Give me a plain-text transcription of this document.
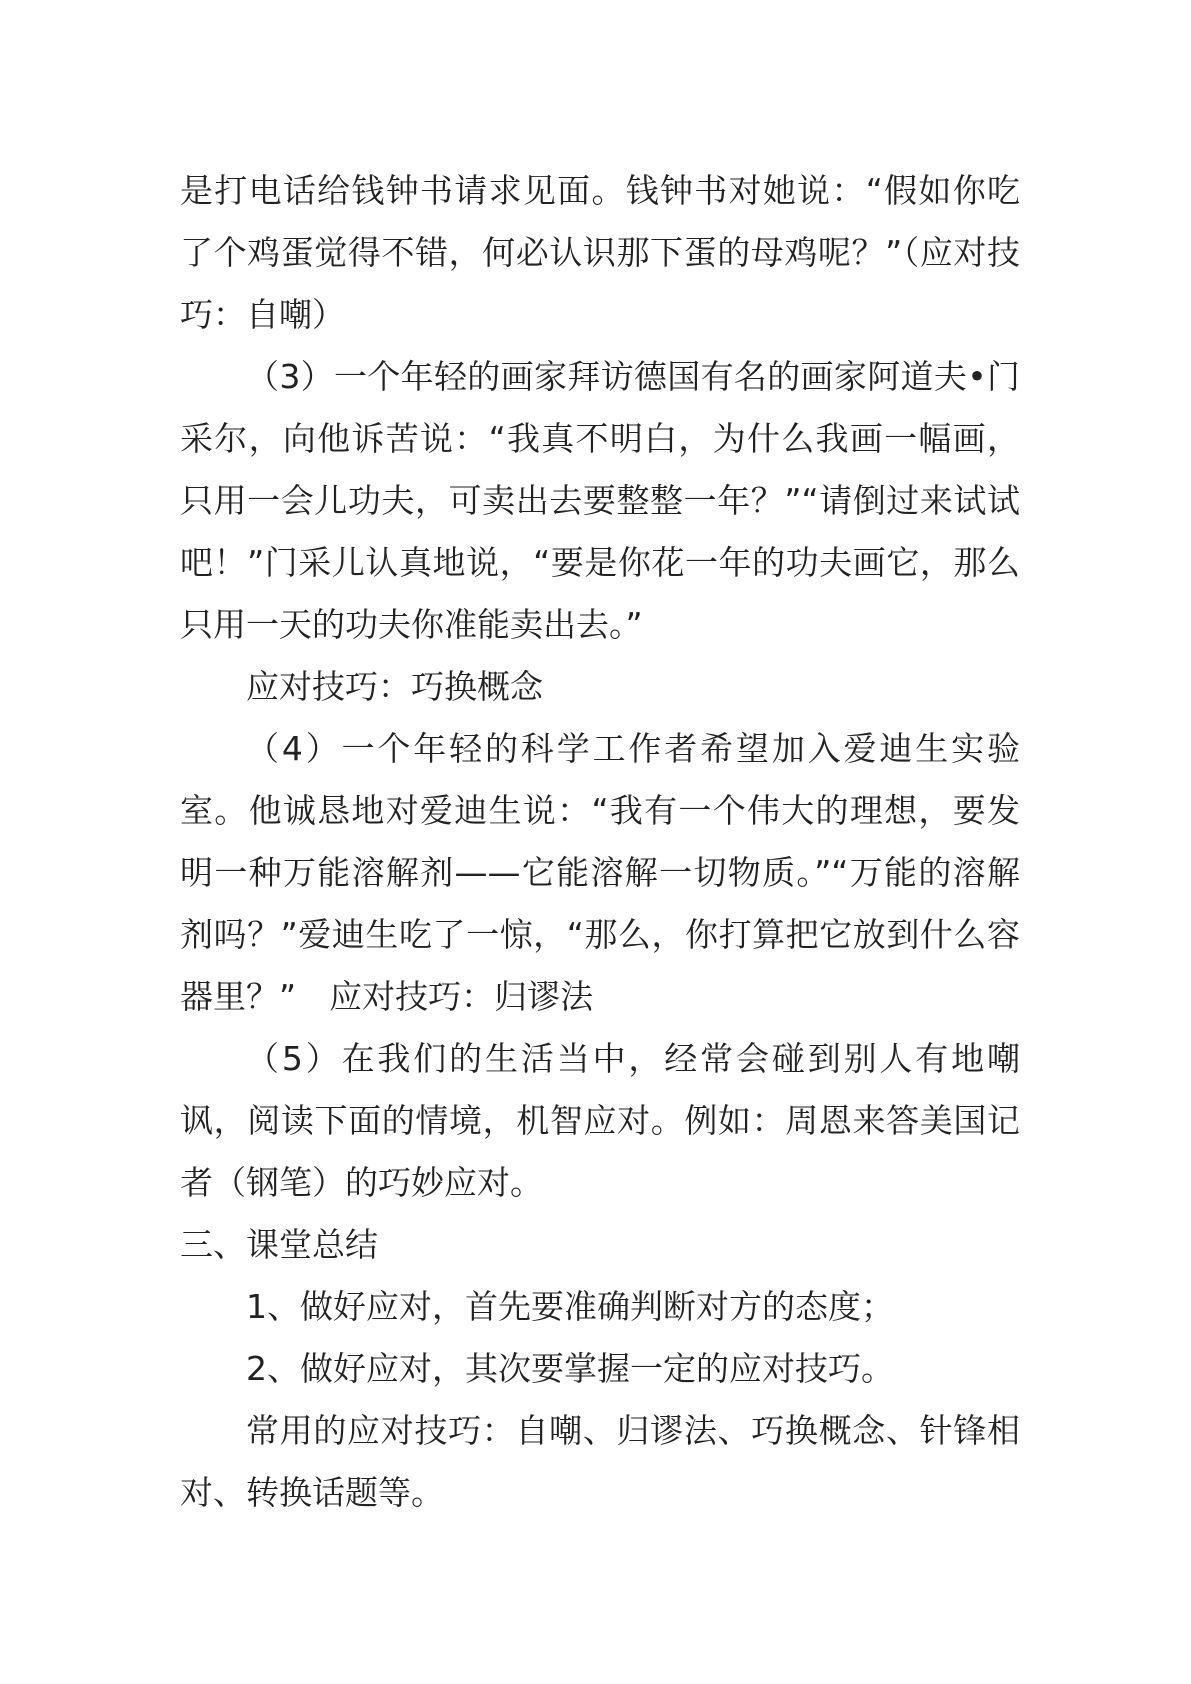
是打电话给钱钟书请求见面。钱钟书对她说：“假如你吃了个鸡蛋觉得不错，何必认识那下蛋的母鸡呢？”（应对技巧：自嘲）

（3）一个年轻的画家拜访德国有名的画家阿道夫•门采尔，向他诉苦说：“我真不明白，为什么我画一幅画，只用一会儿功夫，可卖出去要整整一年？”“请倒过来试试吧！”门采儿认真地说，“要是你花一年的功夫画它，那么只用一天的功夫你准能卖出去。”

应对技巧：巧换概念

（4）一个年轻的科学工作者希望加入爱迪生实验室。他诚恳地对爱迪生说：“我有一个伟大的理想，要发明一种万能溶解剂——它能溶解一切物质。”“万能的溶解剂吗？”爱迪生吃了一惊，“那么，你打算把它放到什么容器里？”　应对技巧：归谬法

（5）在我们的生活当中，经常会碰到别人有地嘲讽，阅读下面的情境，机智应对。例如：周恩来答美国记者（钢笔）的巧妙应对。

三、课堂总结

1、做好应对，首先要准确判断对方的态度；

2、做好应对，其次要掌握一定的应对技巧。

常用的应对技巧：自嘲、归谬法、巧换概念、针锋相对、转换话题等。
